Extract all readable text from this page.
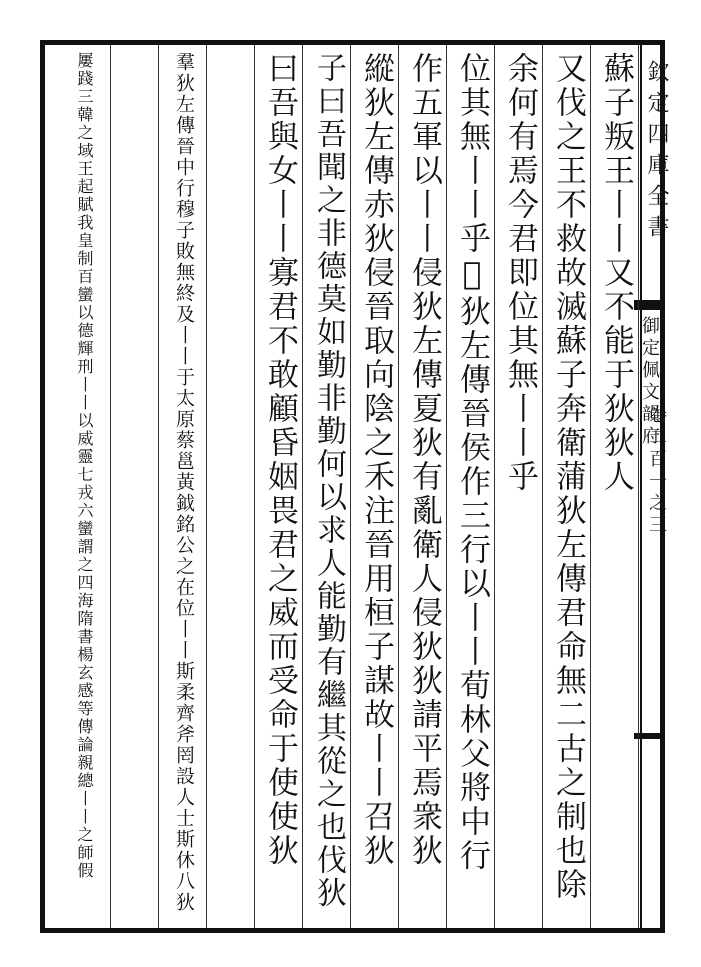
欽定四庫全書
御定佩文韻府
卷二百一之三
蘇子叛王丨丨又不能于狄狄人
又伐之王不救故滅蘇子奔衛蒲狄左傳君命無二古之制也除
余何有焉今君即位其無丨丨乎
位其無丨丨乎𠼶狄左傳晉侯作三行以丨丨荀林父將中行
作五軍以丨丨侵狄左傳夏狄有亂衛人侵狄狄請平焉衆狄
縱狄左傳赤狄侵晉取向陰之禾注晉用桓子謀故丨丨召狄
子曰吾聞之非德莫如勤非勤何以求人能勤有繼其從之也伐狄
曰吾與女丨丨寡君不敢顧昏姻畏君之威而受命于使使狄
羣狄左傳晉中行穆子敗無終及丨丨于太原蔡邕黃鉞銘公之在位丨丨斯柔齊斧罔設人士斯休八狄
屢踐三韓之域王起賦我皇制百蠻以德輝刑丨丨以威靈七戎六蠻謂之四海隋書楊玄感等傳論親總丨丨之師假
